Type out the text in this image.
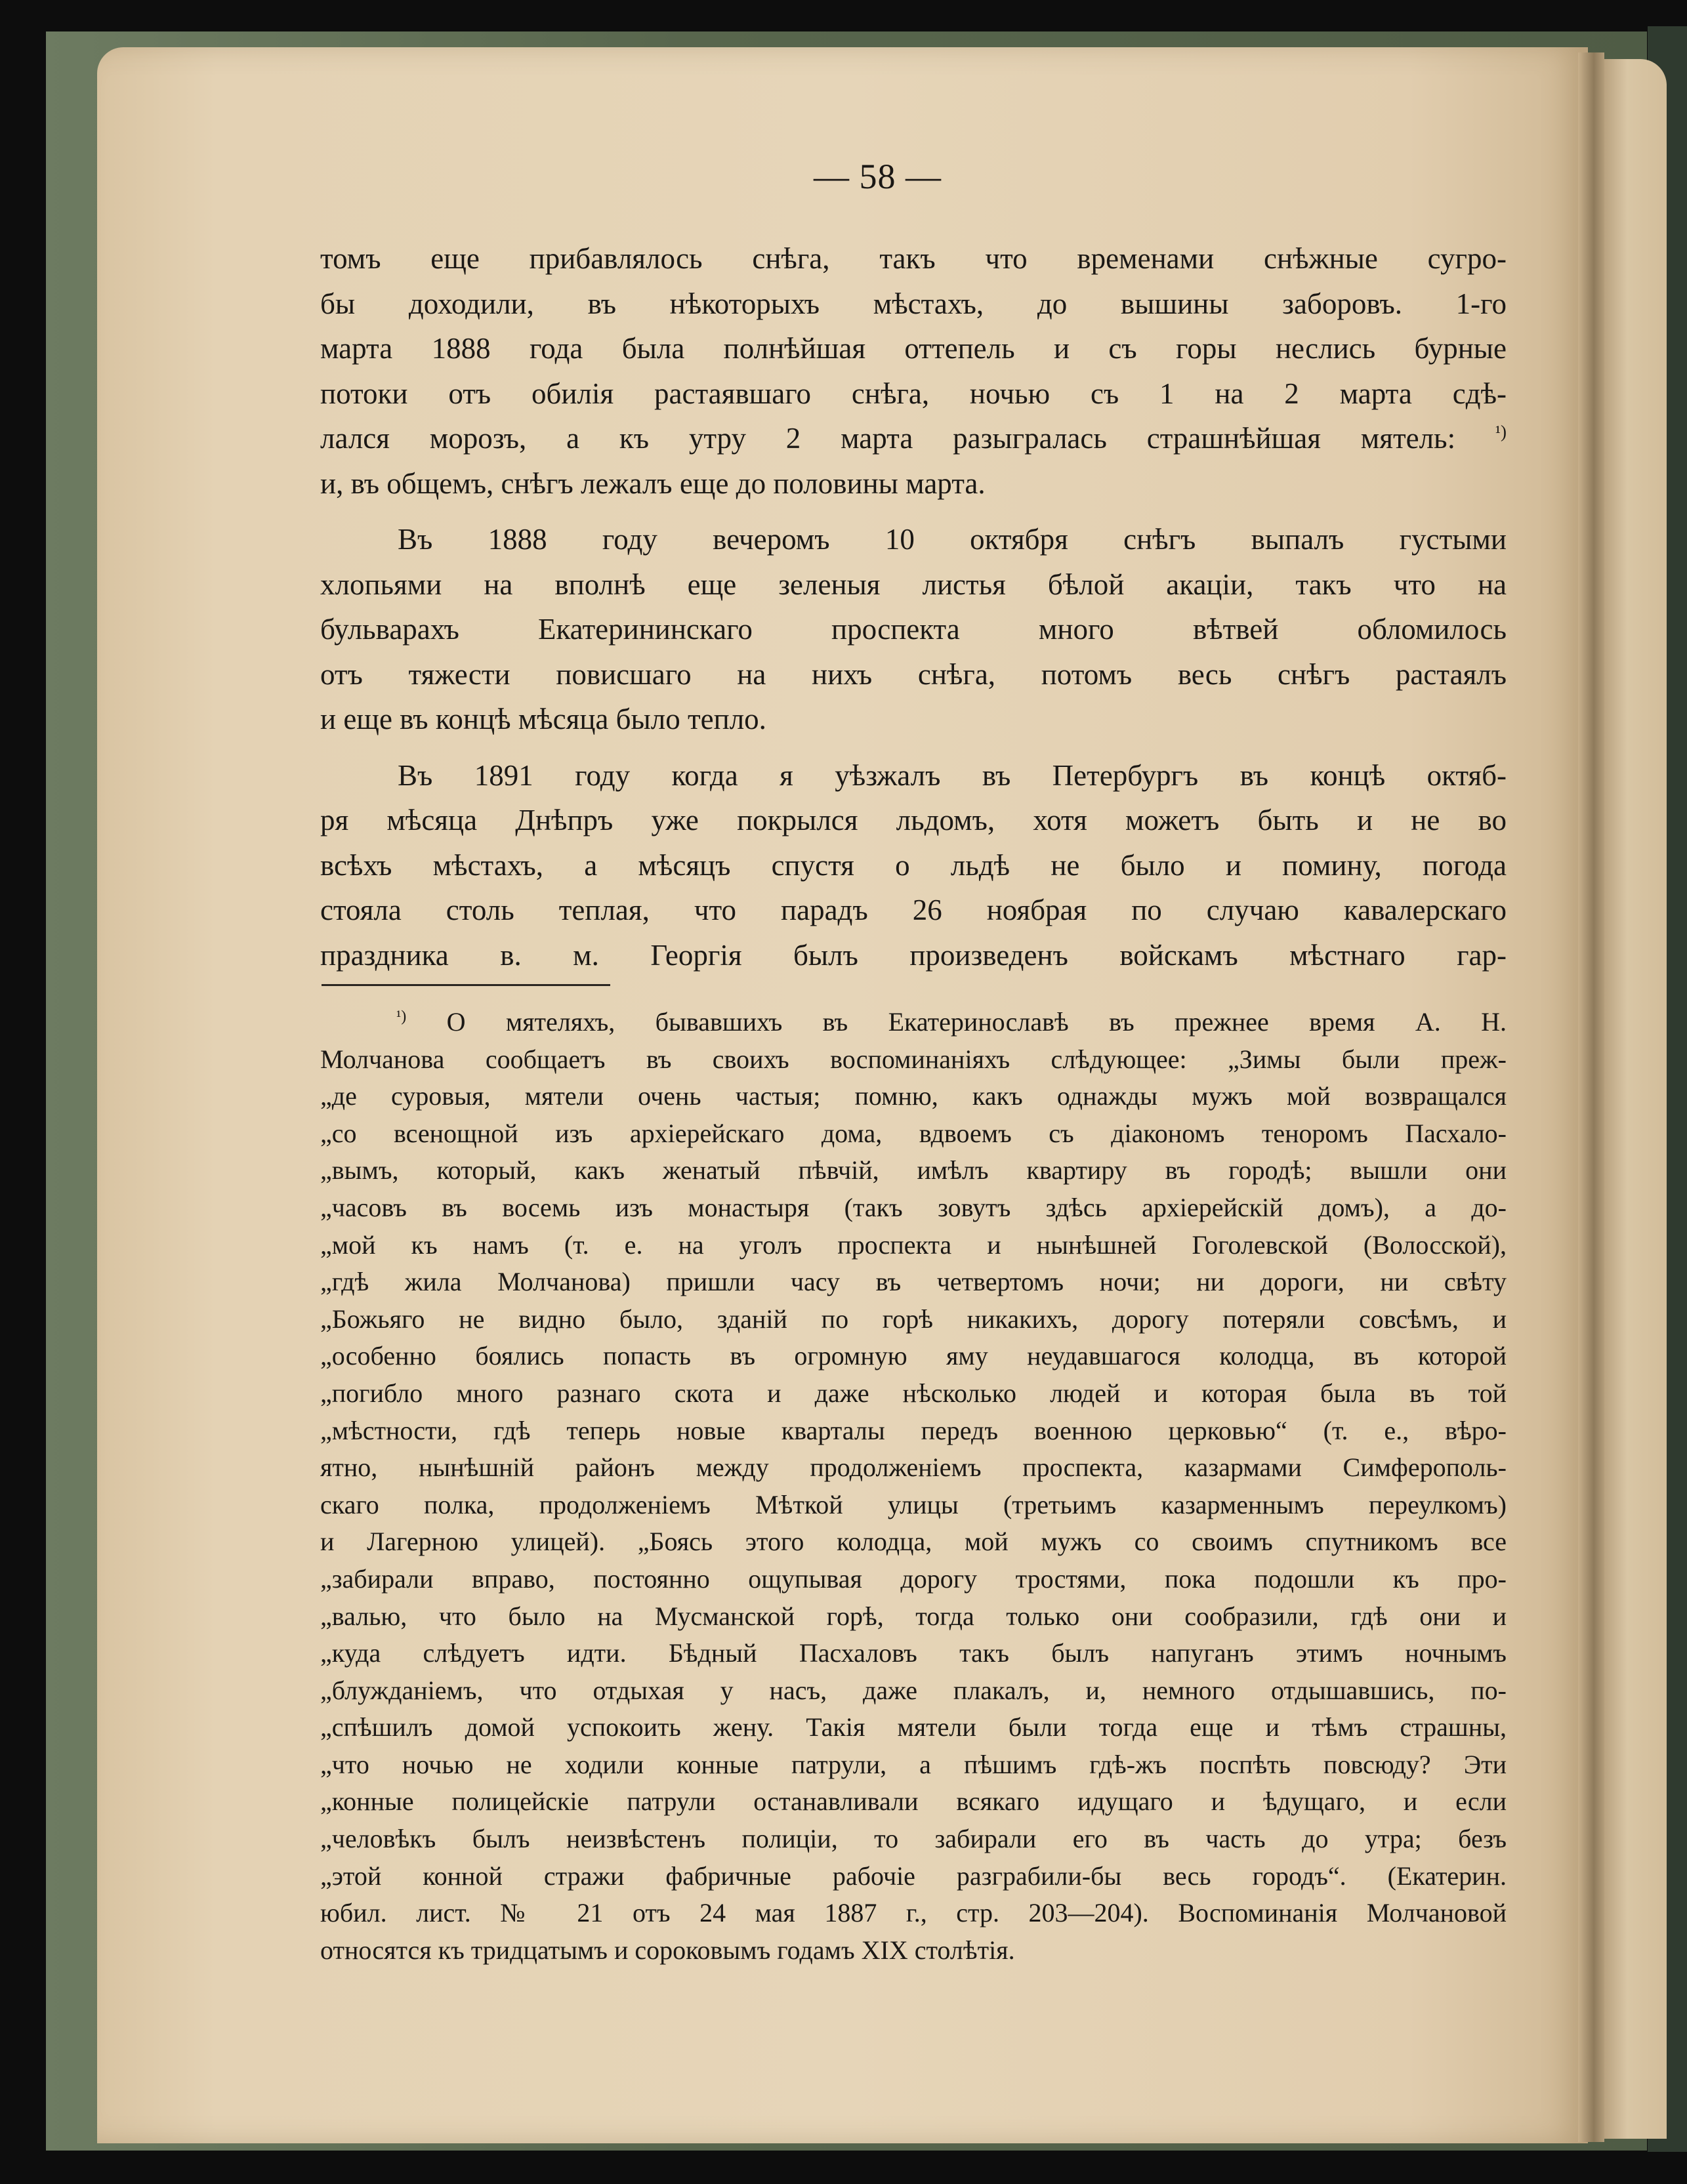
— 58 —

томъ еще прибавлялось снѣга, такъ что временами снѣжные сугро-
бы доходили, въ нѣкоторыхъ мѣстахъ, до вышины заборовъ. 1-го
марта 1888 года была полнѣйшая оттепель и съ горы неслись бурные
потоки отъ обилія растаявшаго снѣга, ночью съ 1 на 2 марта сдѣ-
лался морозъ, а къ утру 2 марта разыгралась страшнѣйшая мятель: $^{^1)}$
и, въ общемъ, снѣгъ лежалъ еще до половины марта.

Въ 1888 году вечеромъ 10 октября снѣгъ выпалъ густыми
хлопьями на вполнѣ еще зеленыя листья бѣлой акаціи, такъ что на
бульварахъ Екатерининскаго проспекта много вѣтвей обломилось
отъ тяжести повисшаго на нихъ снѣга, потомъ весь снѣгъ растаялъ
и еще въ концѣ мѣсяца было тепло.

Въ 1891 году когда я уѣзжалъ въ Петербургъ въ концѣ октяб-
ря мѣсяца Днѣпръ уже покрылся льдомъ, хотя можетъ быть и не во
всѣхъ мѣстахъ, а мѣсяцъ спустя о льдѣ не было и помину, погода
стояла столь теплая, что парадъ 26 ноябрая по случаю кавалерскаго
праздника в. м. Георгія былъ произведенъ войскамъ мѣстнаго гар-

$^{^1)}$ О мятеляхъ, бывавшихъ въ Екатеринославѣ въ прежнее время А. Н.
Молчанова сообщаетъ въ своихъ воспоминаніяхъ слѣдующее: „Зимы были преж-
„де суровыя, мятели очень частыя; помню, какъ однажды мужъ мой возвращался
„со всенощной изъ архіерейскаго дома, вдвоемъ съ діакономъ теноромъ Пасхало-
„вымъ, который, какъ женатый пѣвчій, имѣлъ квартиру въ городѣ; вышли они
„часовъ въ восемь изъ монастыря (такъ зовутъ здѣсь архіерейскій домъ), а до-
„мой къ намъ (т. е. на уголъ проспекта и нынѣшней Гоголевской (Волосской),
„гдѣ жила Молчанова) пришли часу въ четвертомъ ночи; ни дороги, ни свѣту
„Божьяго не видно было, зданій по горѣ никакихъ, дорогу потеряли совсѣмъ, и
„особенно боялись попасть въ огромную яму неудавшагося колодца, въ которой
„погибло много разнаго скота и даже нѣсколько людей и которая была въ той
„мѣстности, гдѣ теперь новые кварталы передъ военною церковью“ (т. е., вѣро-
ятно, нынѣшній районъ между продолженіемъ проспекта, казармами Симферополь-
скаго полка, продолженіемъ Мѣткой улицы (третьимъ казарменнымъ переулкомъ)
и Лагерною улицей). „Боясь этого колодца, мой мужъ со своимъ спутникомъ все
„забирали вправо, постоянно ощупывая дорогу тростями, пока подошли къ про-
„валью, что было на Мусманской горѣ, тогда только они сообразили, гдѣ они и
„куда слѣдуетъ идти. Бѣдный Пасхаловъ такъ былъ напуганъ этимъ ночнымъ
„блужданіемъ, что отдыхая у насъ, даже плакалъ, и, немного отдышавшись, по-
„спѣшилъ домой успокоить жену. Такія мятели были тогда еще и тѣмъ страшны,
„что ночью не ходили конные патрули, а пѣшимъ гдѣ-жъ поспѣть повсюду? Эти
„конные полицейскіе патрули останавливали всякаго идущаго и ѣдущаго, и если
„человѣкъ былъ неизвѣстенъ полиціи, то забирали его въ часть до утра; безъ
„этой конной стражи фабричные рабочіе разграбили-бы весь городъ“. (Екатерин.
юбил. лист. № 21 отъ 24 мая 1887 г., стр. 203—204). Воспоминанія Молчановой
относятся къ тридцатымъ и сороковымъ годамъ XIX столѣтія.
